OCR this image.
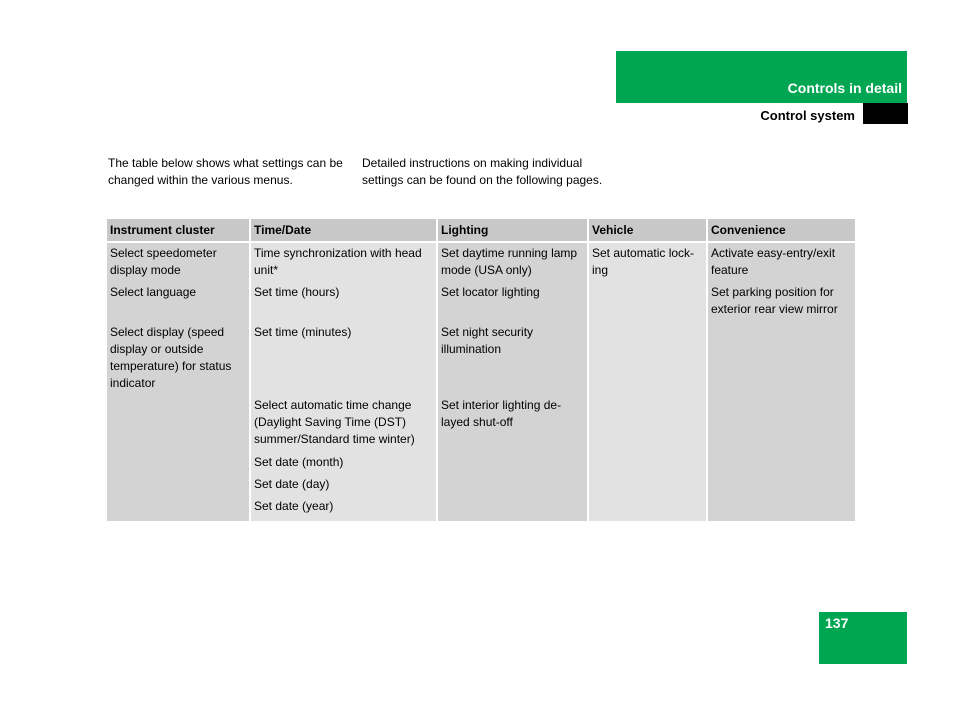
Controls in detail
Control system
The table below shows what settings can be changed within the various menus.
Detailed instructions on making individual settings can be found on the following pages.
Instrument cluster	Time/Date	Lighting	Vehicle	Convenience
Select speedometer display mode	Time synchronization with head unit*	Set daytime running lamp mode (USA only)	Set automatic lock-ing	Activate easy-entry/exit feature
Select language	Set time (hours)	Set locator lighting		Set parking position for exterior rear view mirror
Select display (speed display or outside temperature) for status indicator	Set time (minutes)	Set night security illumination		
	Select automatic time change (Daylight Saving Time (DST) summer/Standard time winter)	Set interior lighting de-layed shut-off		
	Set date (month)			
	Set date (day)			
	Set date (year)			
137
